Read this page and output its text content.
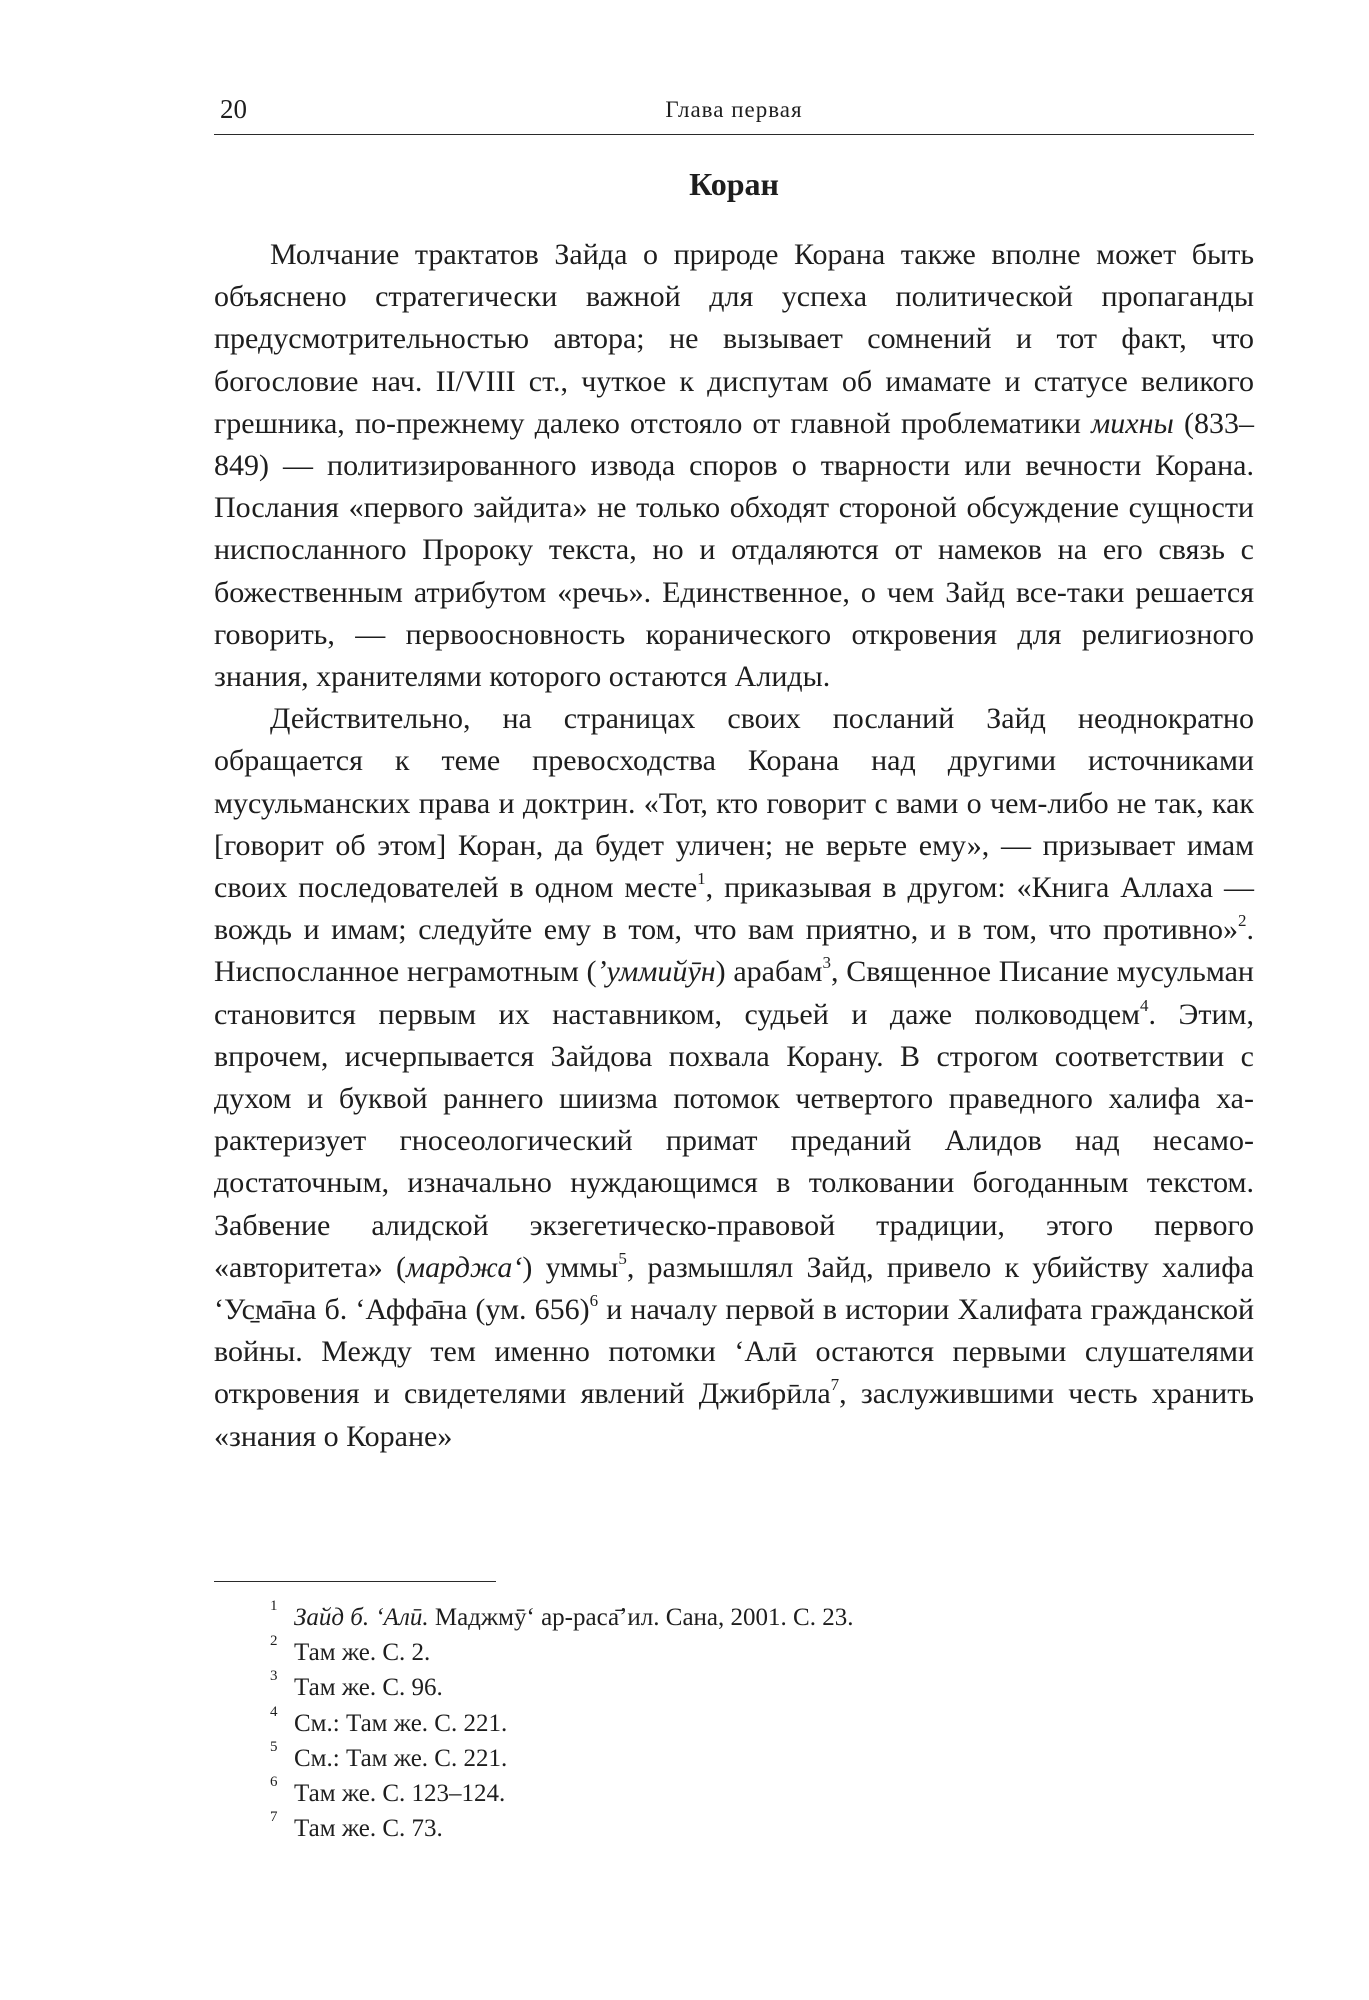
20	Глава первая
Коран

Молчание трактатов Зайда о природе Корана также вполне может быть объяснено стратегически важной для успеха политической пропаганды предусмотрительностью автора; не вызывает сомнений и тот факт, что богословие нач. II/VIII ст., чуткое к диспутам об имамате и статусе великого грешника, по-прежнему далеко отстояло от главной проблематики михны (833–849) — политизированного извода споров о тварности или вечности Корана. Послания «первого зайдита» не только обходят стороной обсуждение сущности ниспосланного Пророку текста, но и отдаляются от намеков на его связь с божественным атрибутом «речь». Единственное, о чем Зайд все-таки решается говорить, — первоосновность коранического откровения для религиозного знания, хранителями которого остаются Алиды.

Действительно, на страницах своих посланий Зайд неоднократно обращается к теме превосходства Корана над другими источниками мусульманских права и доктрин. «Тот, кто говорит с вами о чем-либо не так, как [говорит об этом] Коран, да будет уличен; не верьте ему», — призывает имам своих последователей в одном месте$^1$, приказывая в другом: «Книга Аллаха — вождь и имам; следуйте ему в том, что вам приятно, и в том, что противно»$^2$. Ниспосланное неграмотным (ʼуммийӯн) арабам$^3$, Священное Писание мусульман становится первым их наставником, судьей и даже полководцем$^4$. Этим, впрочем, исчерпывается Зайдова похвала Корану. В строгом соответствии с духом и буквой раннего шиизма потомок четвертого праведного халифа характеризует гносеологический примат преданий Алидов над несамодостаточным, изначально нуждающимся в толковании богоданным текстом. Забвение алидской экзегетическо-правовой традиции, этого первого «авторитета» (марджаʻ) уммы$^5$, размышлял Зайд, привело к убийству халифа ʻУс̱ма̄на б. ʻАффа̄на (ум. 656)$^6$ и началу первой в истории Халифата гражданской войны. Между тем именно потомки ʻАлӣ остаются первыми слушателями откровения и свидетелями явлений Джибрӣла$^7$, заслужившими честь хранить «знания о Коране»

1 Зайд б. ʻАлӣ. Маджмӯʻ ар-раса̄ʼил. Сана, 2001. С. 23.
2 Там же. С. 2.
3 Там же. С. 96.
4 См.: Там же. С. 221.
5 См.: Там же. С. 221.
6 Там же. С. 123–124.
7 Там же. С. 73.
